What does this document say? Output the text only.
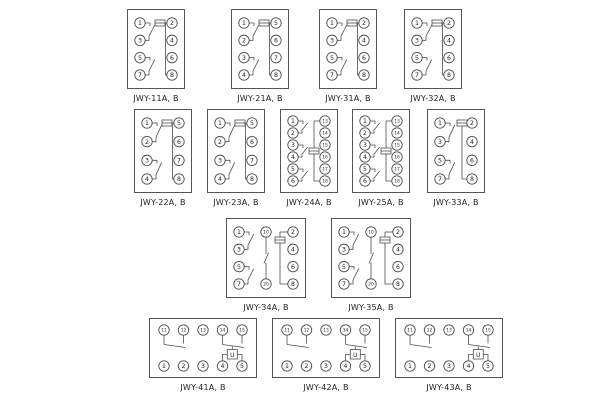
1
3
5
7
2
4
6
8
JWY-11A, B
1
2
3
4
5
6
7
8
JWY-21A, B
1
3
5
7
2
4
6
8
JWY-31A, B
1
3
5
7
2
4
6
8
JWY-32A, B
1
2
3
4
5
6
7
8
JWY-22A, B
1
2
3
4
5
6
7
8
JWY-23A, B
1
2
3
4
5
6
13
14
15
16
17
18
JWY-24A, B
1
2
3
4
5
6
13
14
15
16
17
18
JWY-25A, B
1
3
5
7
2
4
6
8
JWY-33A, B
1
3
5
7
10
20
2
4
6
8
JWY-34A, B
1
3
5
7
10
20
2
4
6
8
JWY-35A, B
U
11	12	13	14	15
1	2	3	4	5
JWY-41A, B
U
11	12	13	14	15
1	2	3	4	5
JWY-42A, B
U
11	12	13	14	15
1	2	3	4	5
JWY-43A, B
